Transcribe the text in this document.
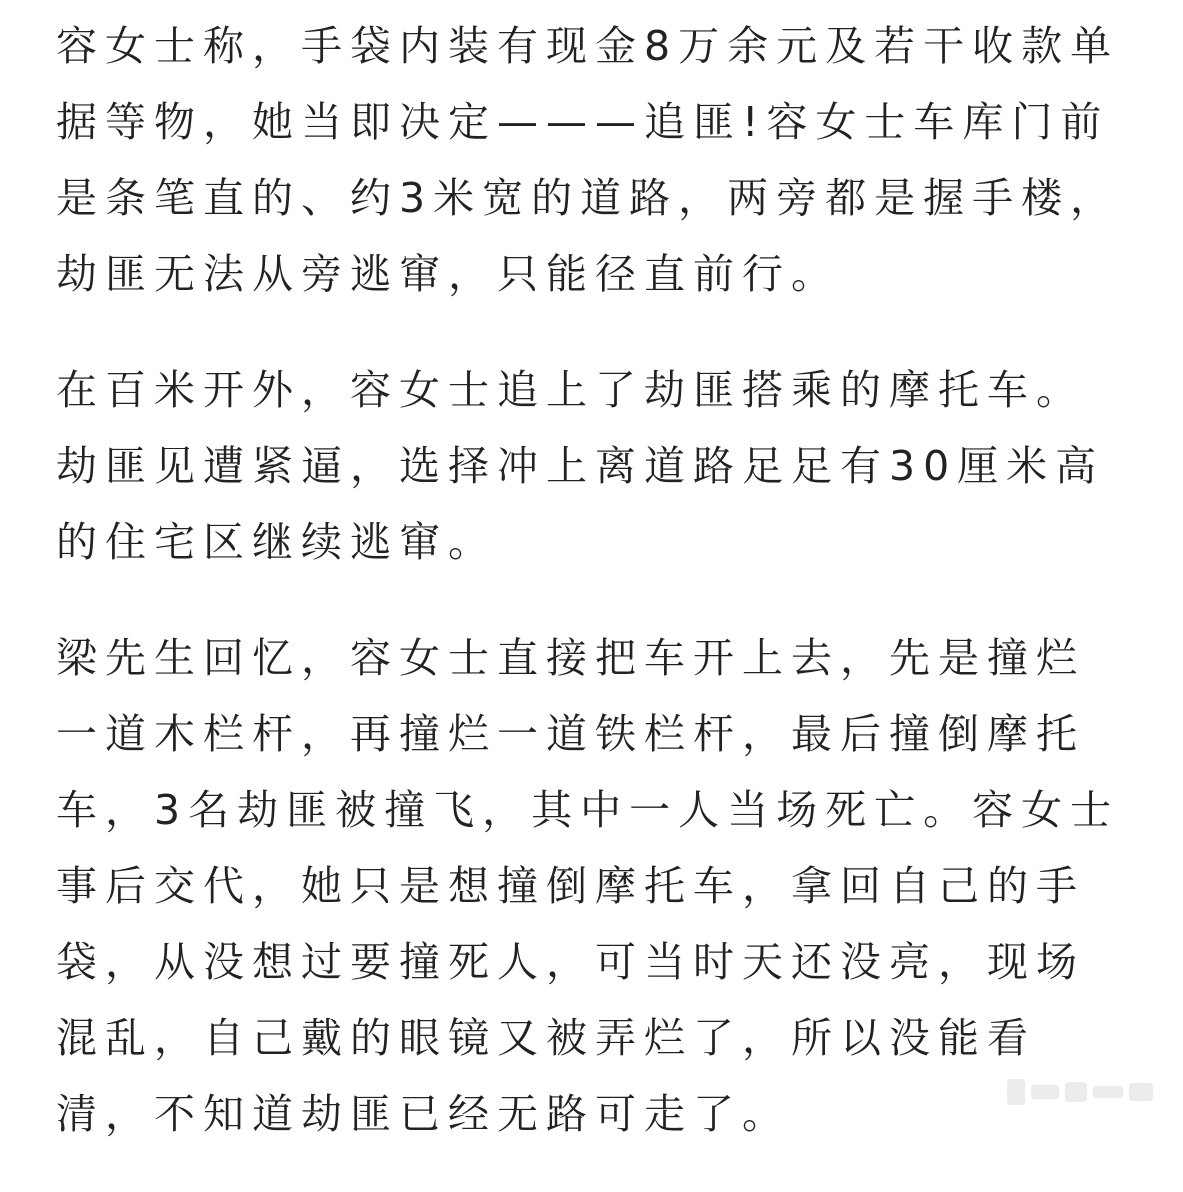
容女士称，手袋内装有现金8万余元及若干收款单
据等物，她当即决定———追匪!容女士车库门前
是条笔直的、约3米宽的道路，两旁都是握手楼，
劫匪无法从旁逃窜，只能径直前行。

在百米开外，容女士追上了劫匪搭乘的摩托车。
劫匪见遭紧逼，选择冲上离道路足足有30厘米高
的住宅区继续逃窜。

梁先生回忆，容女士直接把车开上去，先是撞烂
一道木栏杆，再撞烂一道铁栏杆，最后撞倒摩托
车，3名劫匪被撞飞，其中一人当场死亡。容女士
事后交代，她只是想撞倒摩托车，拿回自己的手
袋，从没想过要撞死人，可当时天还没亮，现场
混乱，自己戴的眼镜又被弄烂了，所以没能看
清，不知道劫匪已经无路可走了。
